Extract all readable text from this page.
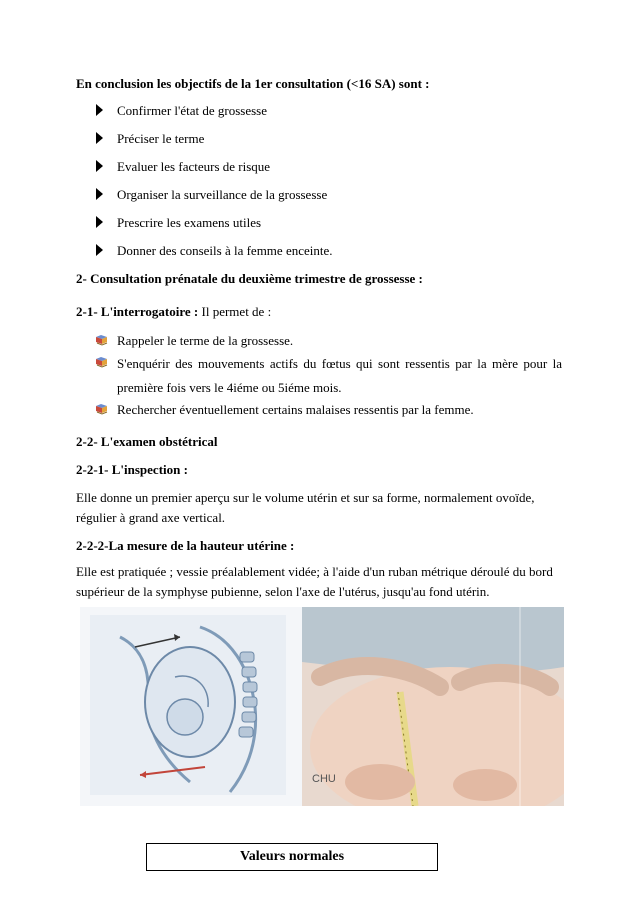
En conclusion les objectifs de la 1er consultation (<16 SA) sont :
Confirmer l'état de grossesse
Préciser le terme
Evaluer les facteurs de risque
Organiser la surveillance de la grossesse
Prescrire les examens utiles
Donner des conseils à la femme enceinte.
2- Consultation prénatale du deuxième trimestre de grossesse :
2-1- L'interrogatoire : Il permet de :
Rappeler le terme de la grossesse.
S'enquérir des mouvements actifs du fœtus qui sont ressentis par la mère pour la
première fois vers le 4iéme ou 5iéme mois.
Rechercher éventuellement certains malaises ressentis par la femme.
2-2- L'examen obstétrical
2-2-1- L'inspection :
Elle donne un premier aperçu sur le volume utérin et sur sa forme, normalement ovoïde,
régulier à grand axe vertical.
2-2-2-La mesure de la hauteur utérine :
Elle est pratiquée ; vessie préalablement vidée; à l'aide d'un ruban métrique déroulé du bord
supérieur de la symphyse pubienne, selon l'axe de l'utérus, jusqu'au fond utérin.
CHU
Valeurs normales
